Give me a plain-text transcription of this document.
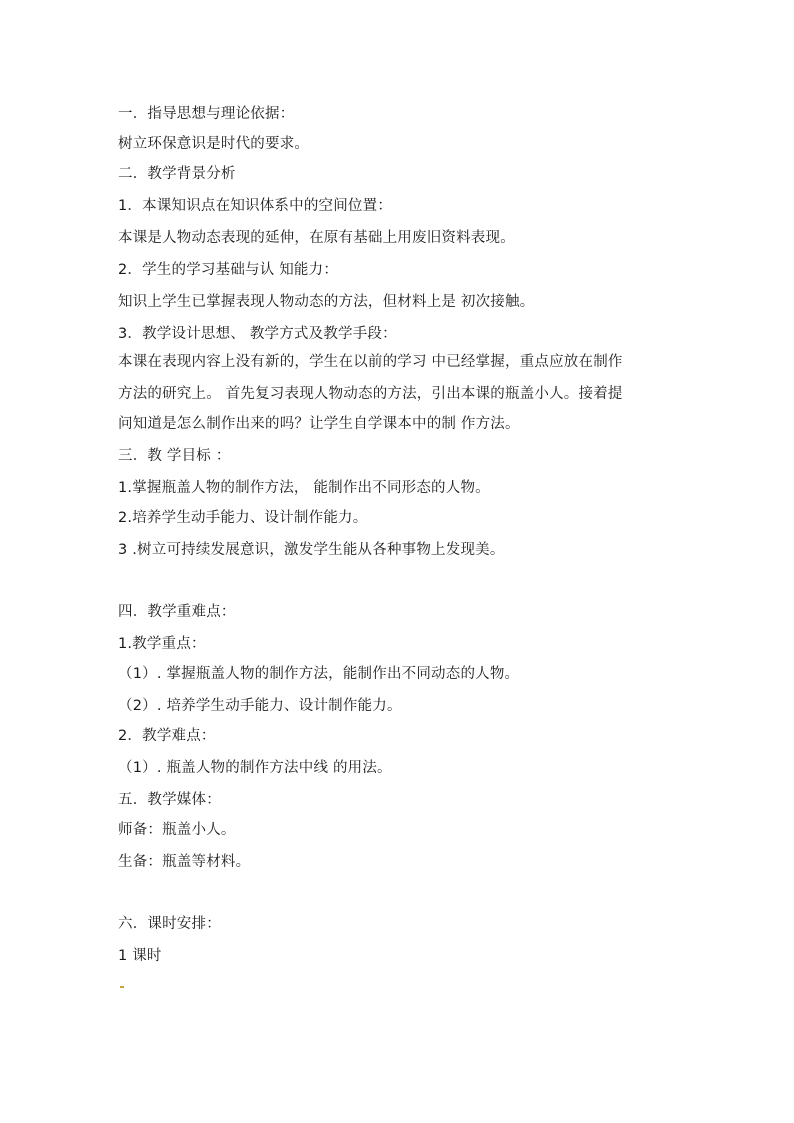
一．指导思想与理论依据：
树立环保意识是时代的要求。
二．教学背景分析
1．本课知识点在知识体系中的空间位置：
本课是人物动态表现的延伸，在原有基础上用废旧资料表现。
2．学生的学习基础与认 知能力：
知识上学生已掌握表现人物动态的方法，但材料上是 初次接触。
3．教学设计思想、 教学方式及教学手段：
本课在表现内容上没有新的，学生在以前的学习 中已经掌握，重点应放在制作
方法的研究上。 首先复习表现人物动态的方法，引出本课的瓶盖小人。接着提
问知道是怎么制作出来的吗？让学生自学课本中的制 作方法。
三．教 学目标 ：
1.掌握瓶盖人物的制作方法， 能制作出不同形态的人物。
2.培养学生动手能力、设计制作能力。
3 .树立可持续发展意识，激发学生能从各种事物上发现美。
四．教学重难点：
1.教学重点：
（1）. 掌握瓶盖人物的制作方法，能制作出不同动态的人物。
（2）. 培养学生动手能力、设计制作能力。
2．教学难点：
（1）. 瓶盖人物的制作方法中线 的用法。
五．教学媒体：
师备：瓶盖小人。
生备：瓶盖等材料。
六．课时安排：
1 课时
